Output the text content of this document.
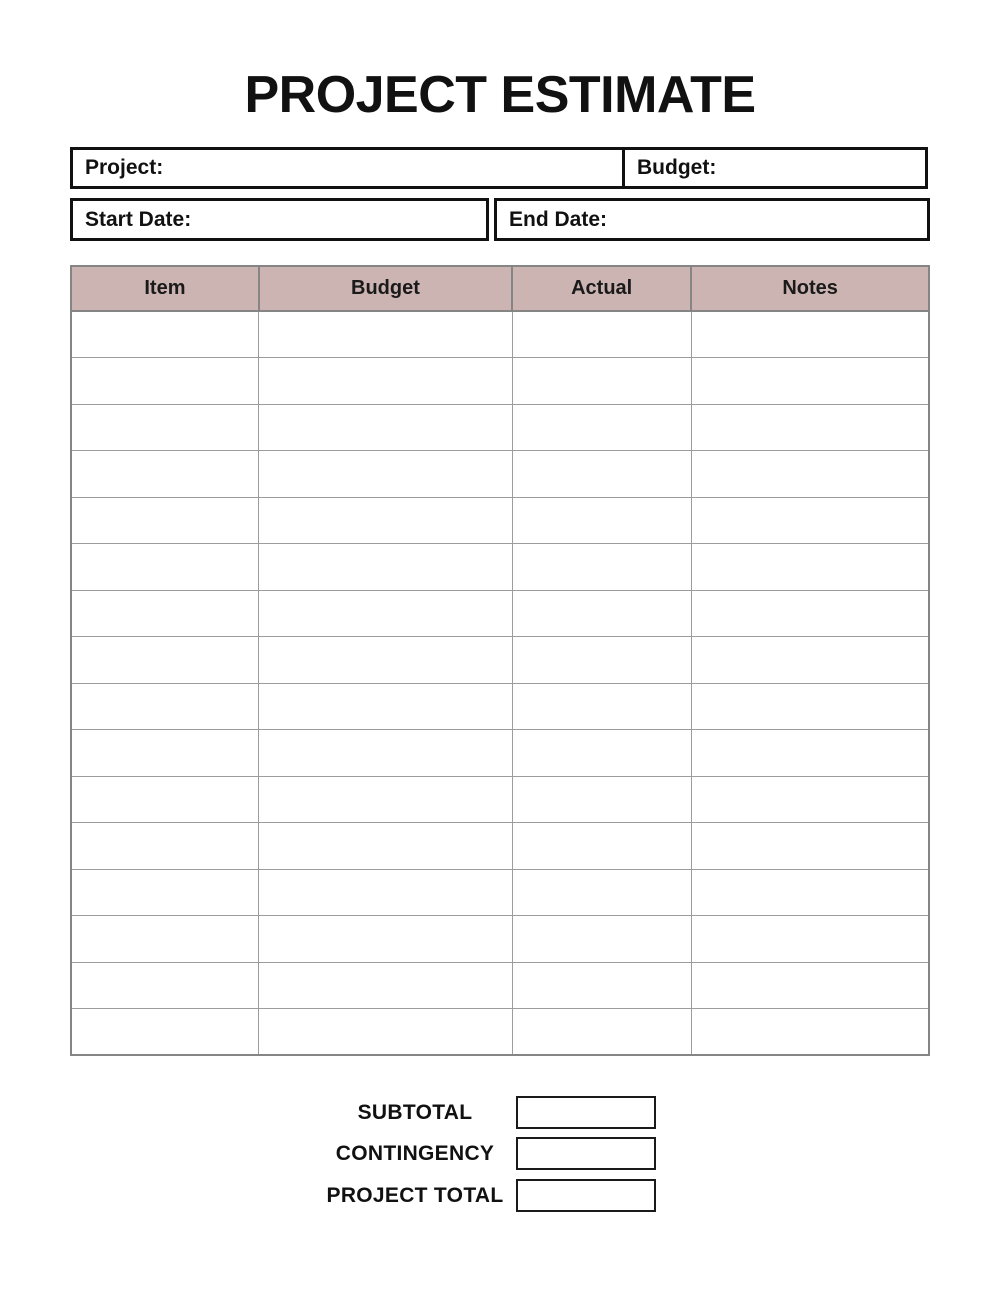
PROJECT ESTIMATE
Project:	Budget:
Start Date:	End Date:
Item	Budget	Actual	Notes

SUBTOTAL
CONTINGENCY
PROJECT TOTAL
